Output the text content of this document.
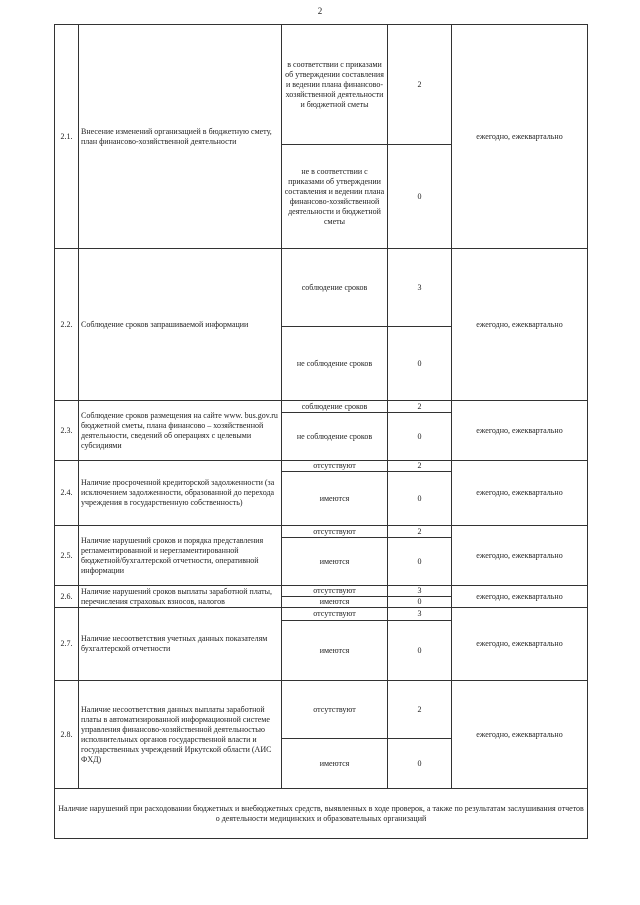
2
2.1.	Внесение изменений организацией в бюджетную смету, план финансово-хозяйственной деятельности	в соответствии с приказами об утверждении составления и ведении плана финансово-хозяйственной деятельности и бюджетной сметы	2	ежегодно, ежеквартально
		не в соответствии с приказами об утверждении составления и ведении плана финансово-хозяйственной деятельности и бюджетной сметы	0	
2.2.	Соблюдение сроков запрашиваемой информации	соблюдение сроков	3	ежегодно, ежеквартально
		не соблюдение сроков	0	
2.3.	Соблюдение сроков размещения на сайте www. bus.gov.ru бюджетной сметы, плана финансово – хозяйственной деятельности, сведений об операциях с целевыми субсидиями	соблюдение сроков	2	ежегодно, ежеквартально
		не соблюдение сроков	0	
2.4.	Наличие просроченной кредиторской задолженности (за исключением задолженности, образованной до перехода учреждения в государственную собственность)	отсутствуют	2	ежегодно, ежеквартально
		имеются	0	
2.5.	Наличие нарушений сроков и порядка представления регламентированной и нерегламентированной бюджетной/бухгалтерской отчетности, оперативной информации	отсутствуют	2	ежегодно, ежеквартально
		имеются	0	
2.6.	Наличие нарушений сроков выплаты заработной платы, перечисления страховых взносов, налогов	отсутствуют	3	ежегодно, ежеквартально
		имеются	0	
2.7.	Наличие несоответствия учетных данных показателям бухгалтерской отчетности	отсутствуют	3	ежегодно, ежеквартально
		имеются	0	
2.8.	Наличие несоответствия данных выплаты заработной платы в автоматизированной информационной системе управления финансово-хозяйственной деятельностью исполнительных органов государственной власти и государственных учреждений Иркутской области (АИС ФХД)	отсутствуют	2	ежегодно, ежеквартально
		имеются	0	
Наличие нарушений при расходовании бюджетных и внебюджетных средств, выявленных в ходе проверок, а также по результатам заслушивания отчетов о деятельности медицинских и образовательных организаций				
